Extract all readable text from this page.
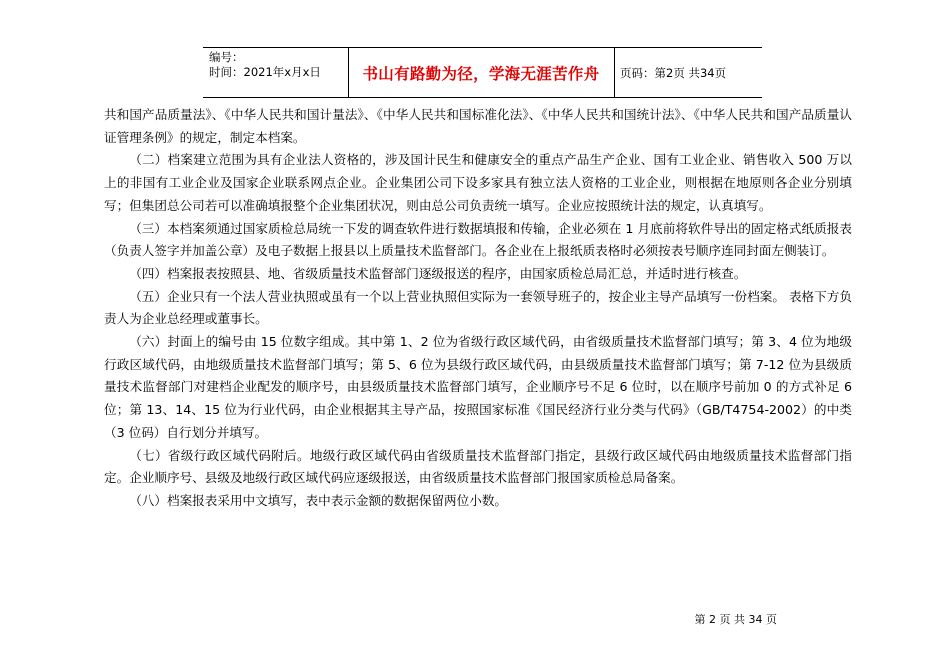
编号：
时间：2021年x月x日	书山有路勤为径，学海无涯苦作舟	页码：第2页 共34页

共和国产品质量法》、《中华人民共和国计量法》、《中华人民共和国标准化法》、《中华人民共和国统计法》、《中华人民共和国产品质量认证管理条例》的规定，制定本档案。

（二）档案建立范围为具有企业法人资格的，涉及国计民生和健康安全的重点产品生产企业、国有工业企业、销售收入 500 万以上的非国有工业企业及国家企业联系网点企业。企业集团公司下设多家具有独立法人资格的工业企业，则根据在地原则各企业分别填写；但集团总公司若可以准确填报整个企业集团状况，则由总公司负责统一填写。企业应按照统计法的规定，认真填写。

（三）本档案须通过国家质检总局统一下发的调查软件进行数据填报和传输，企业必须在 1 月底前将软件导出的固定格式纸质报表（负责人签字并加盖公章）及电子数据上报县以上质量技术监督部门。各企业在上报纸质表格时必须按表号顺序连同封面左侧装订。

（四）档案报表按照县、地、省级质量技术监督部门逐级报送的程序，由国家质检总局汇总，并适时进行核查。

（五）企业只有一个法人营业执照或虽有一个以上营业执照但实际为一套领导班子的，按企业主导产品填写一份档案。 表格下方负责人为企业总经理或董事长。

（六）封面上的编号由 15 位数字组成。其中第 1、2 位为省级行政区域代码，由省级质量技术监督部门填写；第 3、4 位为地级行政区域代码，由地级质量技术监督部门填写；第 5、6 位为县级行政区域代码，由县级质量技术监督部门填写；第 7-12 位为县级质量技术监督部门对建档企业配发的顺序号，由县级质量技术监督部门填写，企业顺序号不足 6 位时，以在顺序号前加 0 的方式补足 6 位；第 13、14、15 位为行业代码，由企业根据其主导产品，按照国家标准《国民经济行业分类与代码》（GB/T4754-2002）的中类（3 位码）自行划分并填写。

（七）省级行政区域代码附后。地级行政区域代码由省级质量技术监督部门指定，县级行政区域代码由地级质量技术监督部门指定。企业顺序号、县级及地级行政区域代码应逐级报送，由省级质量技术监督部门报国家质检总局备案。

（八）档案报表采用中文填写，表中表示金额的数据保留两位小数。

第 2 页 共 34 页
